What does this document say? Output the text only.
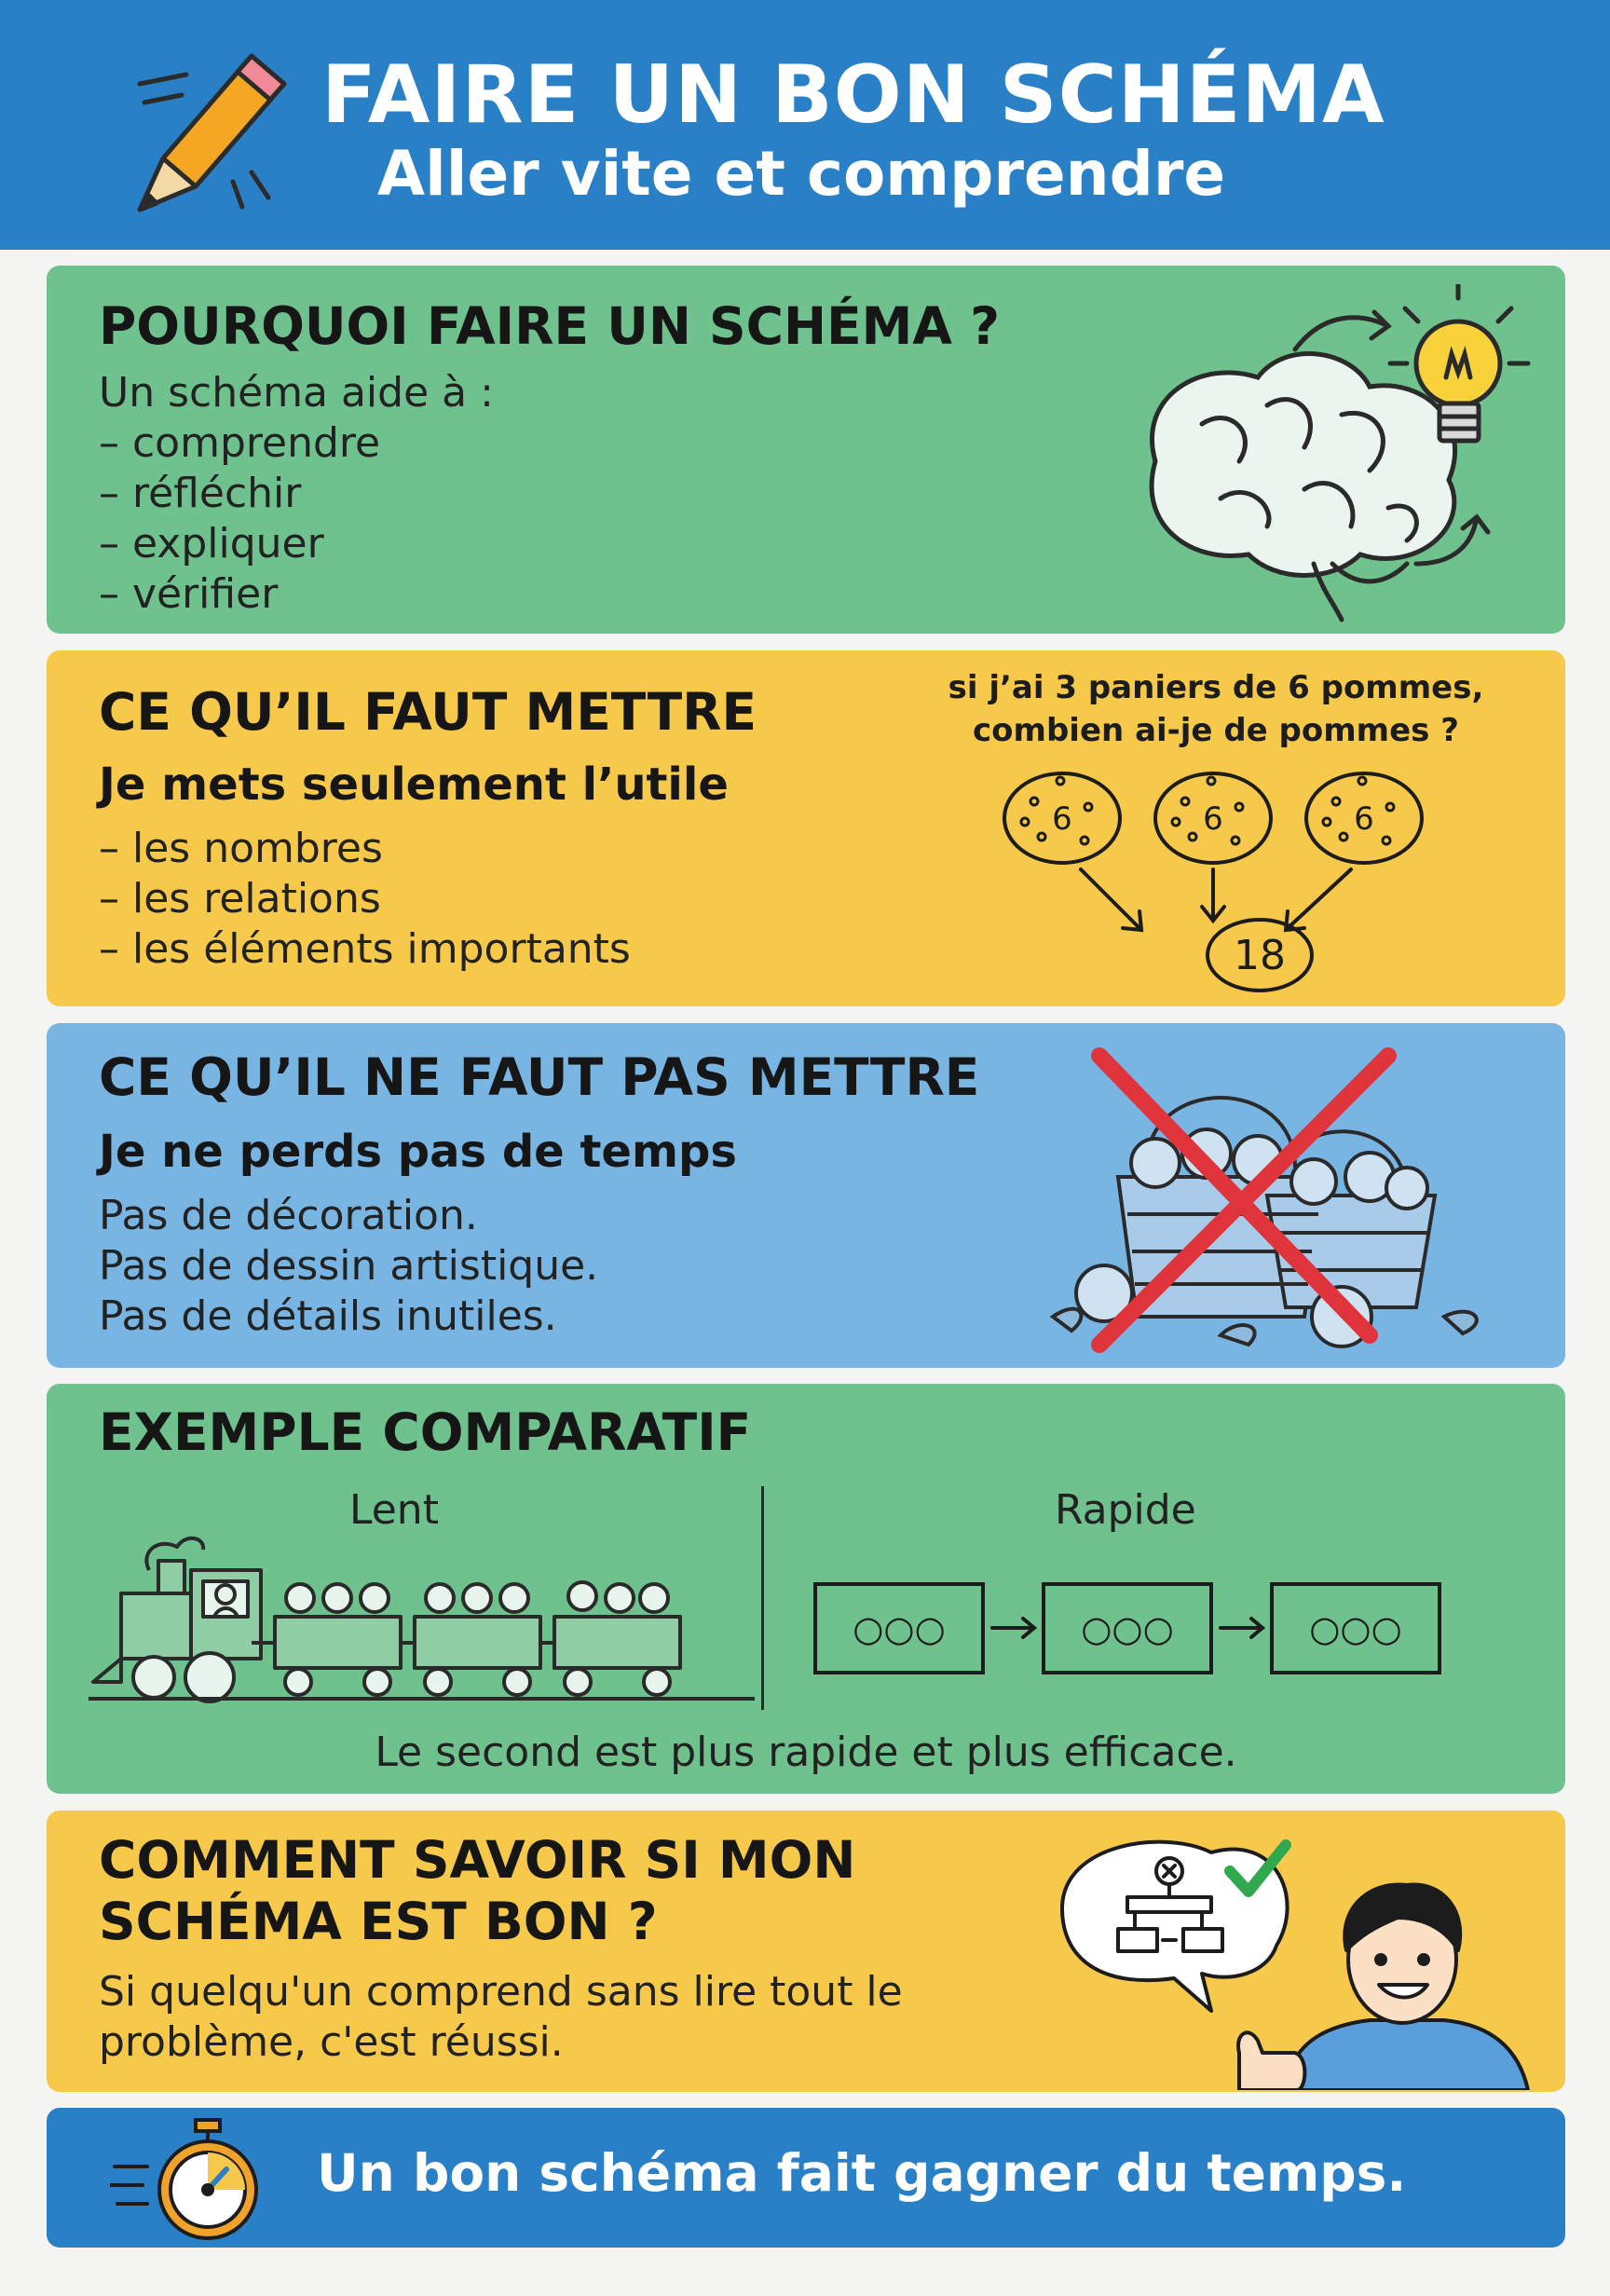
FAIRE UN BON SCHÉMA
Aller vite et comprendre
POURQUOI FAIRE UN SCHÉMA ?
Un schéma aide à :
– comprendre
– réfléchir
– expliquer
– vérifier
CE QU’IL FAUT METTRE
Je mets seulement l’utile
– les nombres
– les relations
– les éléments importants
si j’ai 3 paniers de 6 pommes,
combien ai-je de pommes ?
6	6	6
18
CE QU’IL NE FAUT PAS METTRE
Je ne perds pas de temps
Pas de décoration.
Pas de dessin artistique.
Pas de détails inutiles.
EXEMPLE COMPARATIF
Lent	Rapide
○○○	○○○	○○○
Le second est plus rapide et plus efficace.
COMMENT SAVOIR SI MON
SCHÉMA EST BON ?
Si quelqu'un comprend sans lire tout le
problème, c'est réussi.
Un bon schéma fait gagner du temps.
